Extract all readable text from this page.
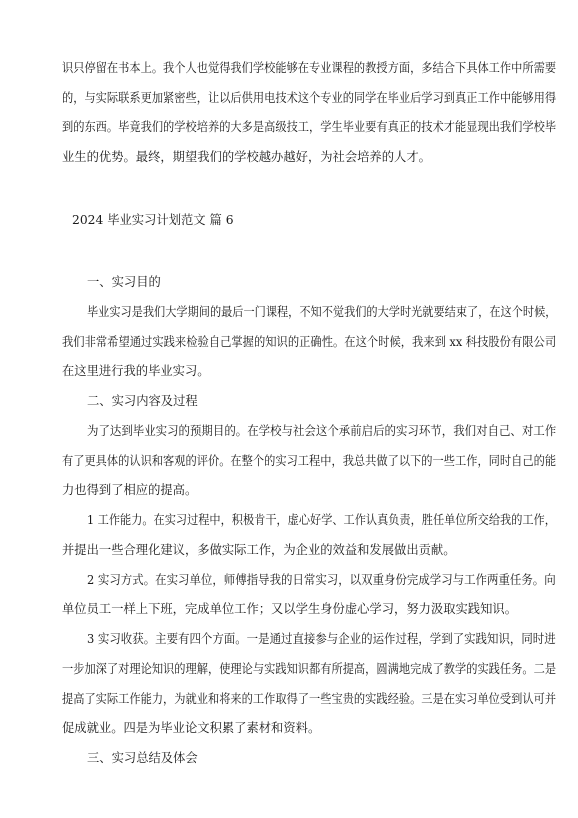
识只停留在书本上。我个人也觉得我们学校能够在专业课程的教授方面，多结合下具体工作中所需要
的，与实际联系更加紧密些，让以后供用电技术这个专业的同学在毕业后学习到真正工作中能够用得
到的东西。毕竟我们的学校培养的大多是高级技工，学生毕业要有真正的技术才能显现出我们学校毕
业生的优势。最终，期望我们的学校越办越好，为社会培养的人才。
2024 毕业实习计划范文 篇 6
一、实习目的
毕业实习是我们大学期间的最后一门课程，不知不觉我们的大学时光就要结束了，在这个时候，
我们非常希望通过实践来检验自己掌握的知识的正确性。在这个时候，我来到 xx 科技股份有限公司
在这里进行我的毕业实习。
二、实习内容及过程
为了达到毕业实习的预期目的。在学校与社会这个承前启后的实习环节，我们对自己、对工作
有了更具体的认识和客观的评价。在整个的实习工程中，我总共做了以下的一些工作，同时自己的能
力也得到了相应的提高。
1 工作能力。在实习过程中，积极肯干，虚心好学、工作认真负责，胜任单位所交给我的工作，
并提出一些合理化建议，多做实际工作，为企业的效益和发展做出贡献。
2 实习方式。在实习单位，师傅指导我的日常实习，以双重身份完成学习与工作两重任务。向
单位员工一样上下班，完成单位工作；又以学生身份虚心学习，努力汲取实践知识。
3 实习收获。主要有四个方面。一是通过直接参与企业的运作过程，学到了实践知识，同时进
一步加深了对理论知识的理解，使理论与实践知识都有所提高，圆满地完成了教学的实践任务。二是
提高了实际工作能力，为就业和将来的工作取得了一些宝贵的实践经验。三是在实习单位受到认可并
促成就业。四是为毕业论文积累了素材和资料。
三、实习总结及体会
